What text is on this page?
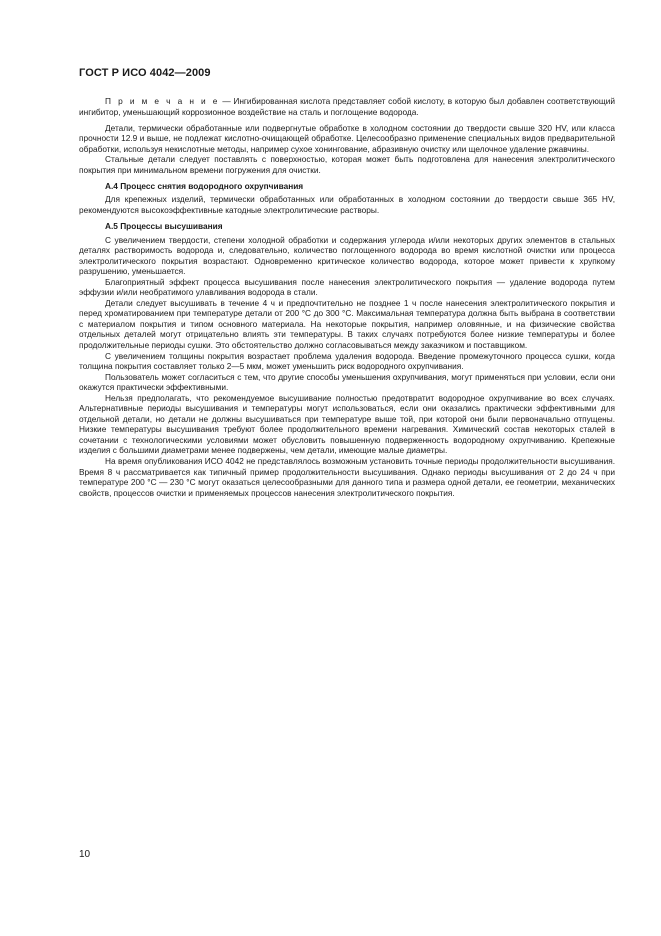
ГОСТ Р ИСО 4042—2009

П р и м е ч а н и е — Ингибированная кислота представляет собой кислоту, в которую был добавлен соответствующий ингибитор, уменьшающий коррозионное воздействие на сталь и поглощение водорода.

Детали, термически обработанные или подвергнутые обработке в холодном состоянии до твердости свыше 320 HV, или класса прочности 12.9 и выше, не подлежат кислотно-очищающей обработке. Целесообразно применение специальных видов предварительной обработки, используя некислотные методы, например сухое хонингование, абразивную очистку или щелочное удаление ржавчины.

Стальные детали следует поставлять с поверхностью, которая может быть подготовлена для нанесения электролитического покрытия при минимальном времени погружения для очистки.

А.4 Процесс снятия водородного охрупчивания

Для крепежных изделий, термически обработанных или обработанных в холодном состоянии до твердости свыше 365 HV, рекомендуются высокоэффективные катодные электролитические растворы.

А.5 Процессы высушивания

С увеличением твердости, степени холодной обработки и содержания углерода и/или некоторых других элементов в стальных деталях растворимость водорода и, следовательно, количество поглощенного водорода во время кислотной очистки или процесса электролитического покрытия возрастают. Одновременно критическое количество водорода, которое может привести к хрупкому разрушению, уменьшается.

Благоприятный эффект процесса высушивания после нанесения электролитического покрытия — удаление водорода путем эффузии и/или необратимого улавливания водорода в стали.

Детали следует высушивать в течение 4 ч и предпочтительно не позднее 1 ч после нанесения электролитического покрытия и перед хроматированием при температуре детали от 200 °С до 300 °С. Максимальная температура должна быть выбрана в соответствии с материалом покрытия и типом основного материала. На некоторые покрытия, например оловянные, и на физические свойства отдельных деталей могут отрицательно влиять эти температуры. В таких случаях потребуются более низкие температуры и более продолжительные периоды сушки. Это обстоятельство должно согласовываться между заказчиком и поставщиком.

С увеличением толщины покрытия возрастает проблема удаления водорода. Введение промежуточного процесса сушки, когда толщина покрытия составляет только 2—5 мкм, может уменьшить риск водородного охрупчивания.

Пользователь может согласиться с тем, что другие способы уменьшения охрупчивания, могут применяться при условии, если они окажутся практически эффективными.

Нельзя предполагать, что рекомендуемое высушивание полностью предотвратит водородное охрупчивание во всех случаях. Альтернативные периоды высушивания и температуры могут использоваться, если они оказались практически эффективными для отдельной детали, но детали не должны высушиваться при температуре выше той, при которой они были первоначально отпущены. Низкие температуры высушивания требуют более продолжительного времени нагревания. Химический состав некоторых сталей в сочетании с технологическими условиями может обусловить повышенную подверженность водородному охрупчиванию. Крепежные изделия с большими диаметрами менее подвержены, чем детали, имеющие малые диаметры.

На время опубликования ИСО 4042 не представлялось возможным установить точные периоды продолжительности высушивания. Время 8 ч рассматривается как типичный пример продолжительности высушивания. Однако периоды высушивания от 2 до 24 ч при температуре 200 °С — 230 °С могут оказаться целесообразными для данного типа и размера одной детали, ее геометрии, механических свойств, процессов очистки и применяемых процессов нанесения электролитического покрытия.

10
